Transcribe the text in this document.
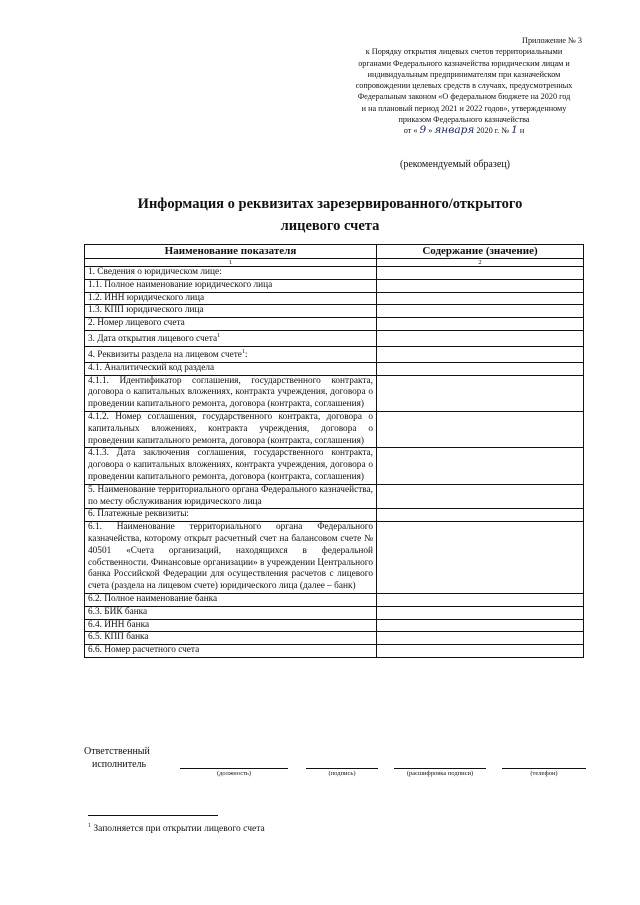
Приложение № 3
к Порядку открытия лицевых счетов территориальными
органами Федерального казначейства юридическим лицам и
индивидуальным предпринимателям при казначейском
сопровождении целевых средств в случаях, предусмотренных
Федеральным законом «О федеральном бюджете на 2020 год
и на плановый период 2021 и 2022 годов», утвержденному
приказом Федерального казначейства
от « 9 » января 2020 г. № 1 н
(рекомендуемый образец)
Информация о реквизитах зарезервированного/открытого
лицевого счета
Наименование показателя	Содержание (значение)
1	2
1. Сведения о юридическом лице:	
1.1. Полное наименование юридического лица	
1.2. ИНН юридического лица	
1.3. КПП юридического лица	
2. Номер лицевого счета	
3. Дата открытия лицевого счета$^1$	
4. Реквизиты раздела на лицевом счете$^1$:	
4.1. Аналитический код раздела	
4.1.1. Идентификатор соглашения, государственного контракта, договора о капитальных вложениях, контракта учреждения, договора о проведении капитального ремонта, договора (контракта, соглашения)	
4.1.2. Номер соглашения, государственного контракта, договора о капитальных вложениях, контракта учреждения, договора о проведении капитального ремонта, договора (контракта, соглашения)	
4.1.3. Дата заключения соглашения, государственного контракта, договора о капитальных вложениях, контракта учреждения, договора о проведении капитального ремонта, договора (контракта, соглашения)	
5. Наименование территориального органа Федерального казначейства, по месту обслуживания юридического лица	
6. Платежные реквизиты:	
6.1. Наименование территориального органа Федерального казначейства, которому открыт расчетный счет на балансовом счете № 40501 «Счета организаций, находящихся в федеральной собственности. Финансовые организации» в учреждении Центрального банка Российской Федерации для осуществления расчетов с лицевого счета (раздела на лицевом счете) юридического лица (далее – банк)	
6.2. Полное наименование банка	
6.3. БИК банка	
6.4. ИНН банка	
6.5. КПП банка	
6.6. Номер расчетного счета	
Ответственный
исполнитель
(должность)	(подпись)	(расшифровка подписи)	(телефон)
$^1$ Заполняется при открытии лицевого счета
